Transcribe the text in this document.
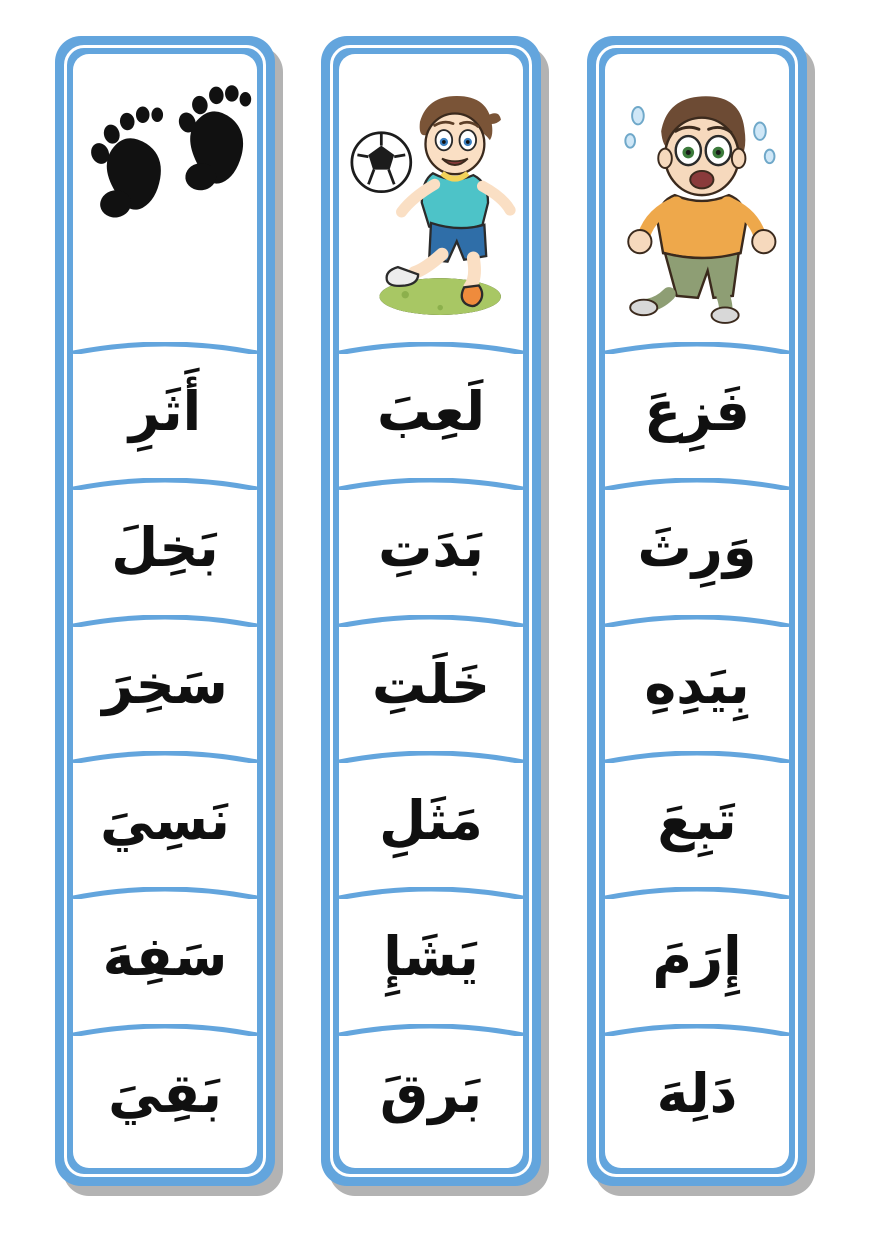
فَزِعَ
وَرِثَ
بِيَدِهِ
تَبِعَ
إِرَمَ
دَلِهَ
لَعِبَ
بَدَتِ
خَلَتِ
مَثَلِ
يَشَإِ
بَرقَ
أَثَرِ
بَخِلَ
سَخِرَ
نَسِيَ
سَفِهَ
بَقِيَ
